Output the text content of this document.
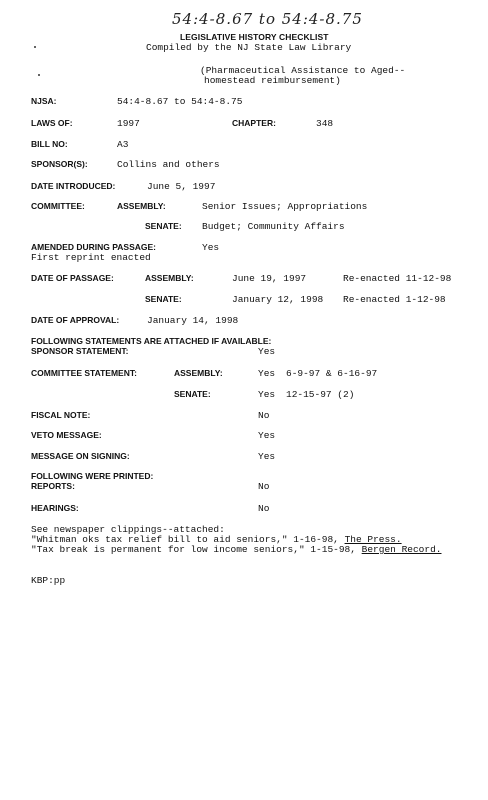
54:4-8.67 to 54:4-8.75
LEGISLATIVE HISTORY CHECKLIST
Compiled by the NJ State Law Library
(Pharmaceutical Assistance to Aged--
homestead reimbursement)
NJSA:	54:4-8.67 to 54:4-8.75
LAWS OF:	1997	CHAPTER:	348
BILL NO:	A3
SPONSOR(S):	Collins and others
DATE INTRODUCED:	June 5, 1997
COMMITTEE:	ASSEMBLY:	Senior Issues; Appropriations
SENATE: Budget; Community Affairs
AMENDED DURING PASSAGE:	Yes
First reprint enacted
DATE OF PASSAGE:	ASSEMBLY:	June 19, 1997	Re-enacted 11-12-98
SENATE:	January 12, 1998 Re-enacted 1-12-98
DATE OF APPROVAL:	January 14, 1998
FOLLOWING STATEMENTS ARE ATTACHED IF AVAILABLE:
SPONSOR STATEMENT:	Yes
COMMITTEE STATEMENT:	ASSEMBLY:	Yes 6-9-97 & 6-16-97
SENATE:	Yes 12-15-97 (2)
FISCAL NOTE:	No
VETO MESSAGE:	Yes
MESSAGE ON SIGNING:	Yes
FOLLOWING WERE PRINTED:
REPORTS:	No
HEARINGS:	No
See newspaper clippings--attached:
"Whitman oks tax relief bill to aid seniors," 1-16-98, The Press.
"Tax break is permanent for low income seniors," 1-15-98, Bergen Record.
KBP:pp
